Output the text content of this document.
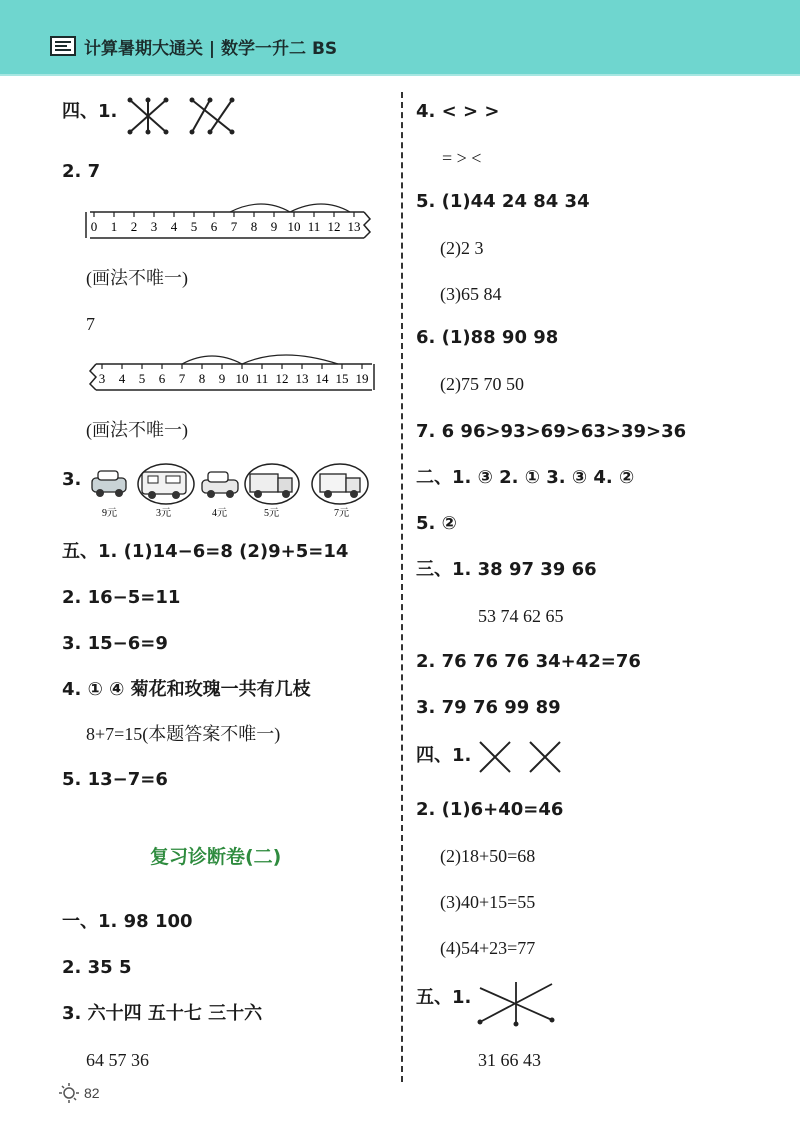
计算暑期大通关 | 数学一升二 BS
四、1.
2. 7
0 1 2 3 4 5 6 7 8 9 10 11 12 13
(画法不唯一)
7
3 4 5 6 7 8 9 10 11 12 13 14 15 19
(画法不唯一)
3.
9元	3元	4元	5元	7元
五、1. (1)14−6=8 (2)9+5=14
2. 16−5=11
3. 15−6=9
4. ① ④ 菊花和玫瑰一共有几枝
8+7=15(本题答案不唯一)
5. 13−7=6
复习诊断卷(二)
一、1. 98 100
2. 35 5
3. 六十四 五十七 三十六
64 57 36
4. < > >
= > <
5. (1)44 24 84 34
(2)2 3
(3)65 84
6. (1)88 90 98
(2)75 70 50
7. 6 96>93>69>63>39>36
二、1. ③ 2. ① 3. ③ 4. ②
5. ②
三、1. 38 97 39 66
53 74 62 65
2. 76 76 76 34+42=76
3. 79 76 99 89
四、1.
2. (1)6+40=46
(2)18+50=68
(3)40+15=55
(4)54+23=77
五、1.
31 66 43
82
